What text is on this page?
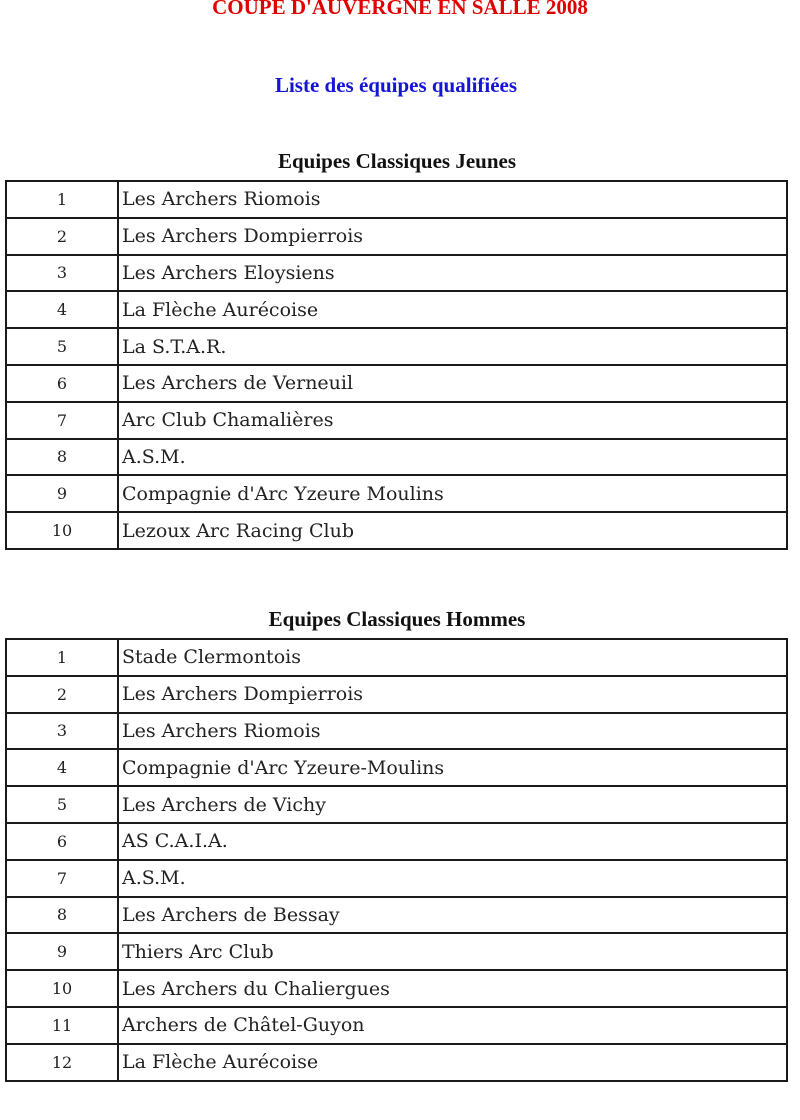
COUPE D'AUVERGNE EN SALLE 2008
Liste des équipes qualifiées
Equipes Classiques Jeunes
1	Les Archers Riomois
2	Les Archers Dompierrois
3	Les Archers Eloysiens
4	La Flèche Aurécoise
5	La S.T.A.R.
6	Les Archers de Verneuil
7	Arc Club Chamalières
8	A.S.M.
9	Compagnie d'Arc Yzeure Moulins
10	Lezoux Arc Racing Club
Equipes Classiques Hommes
1	Stade Clermontois
2	Les Archers Dompierrois
3	Les Archers Riomois
4	Compagnie d'Arc Yzeure-Moulins
5	Les Archers de Vichy
6	AS C.A.I.A.
7	A.S.M.
8	Les Archers de Bessay
9	Thiers Arc Club
10	Les Archers du Chaliergues
11	Archers de Châtel-Guyon
12	La Flèche Aurécoise
